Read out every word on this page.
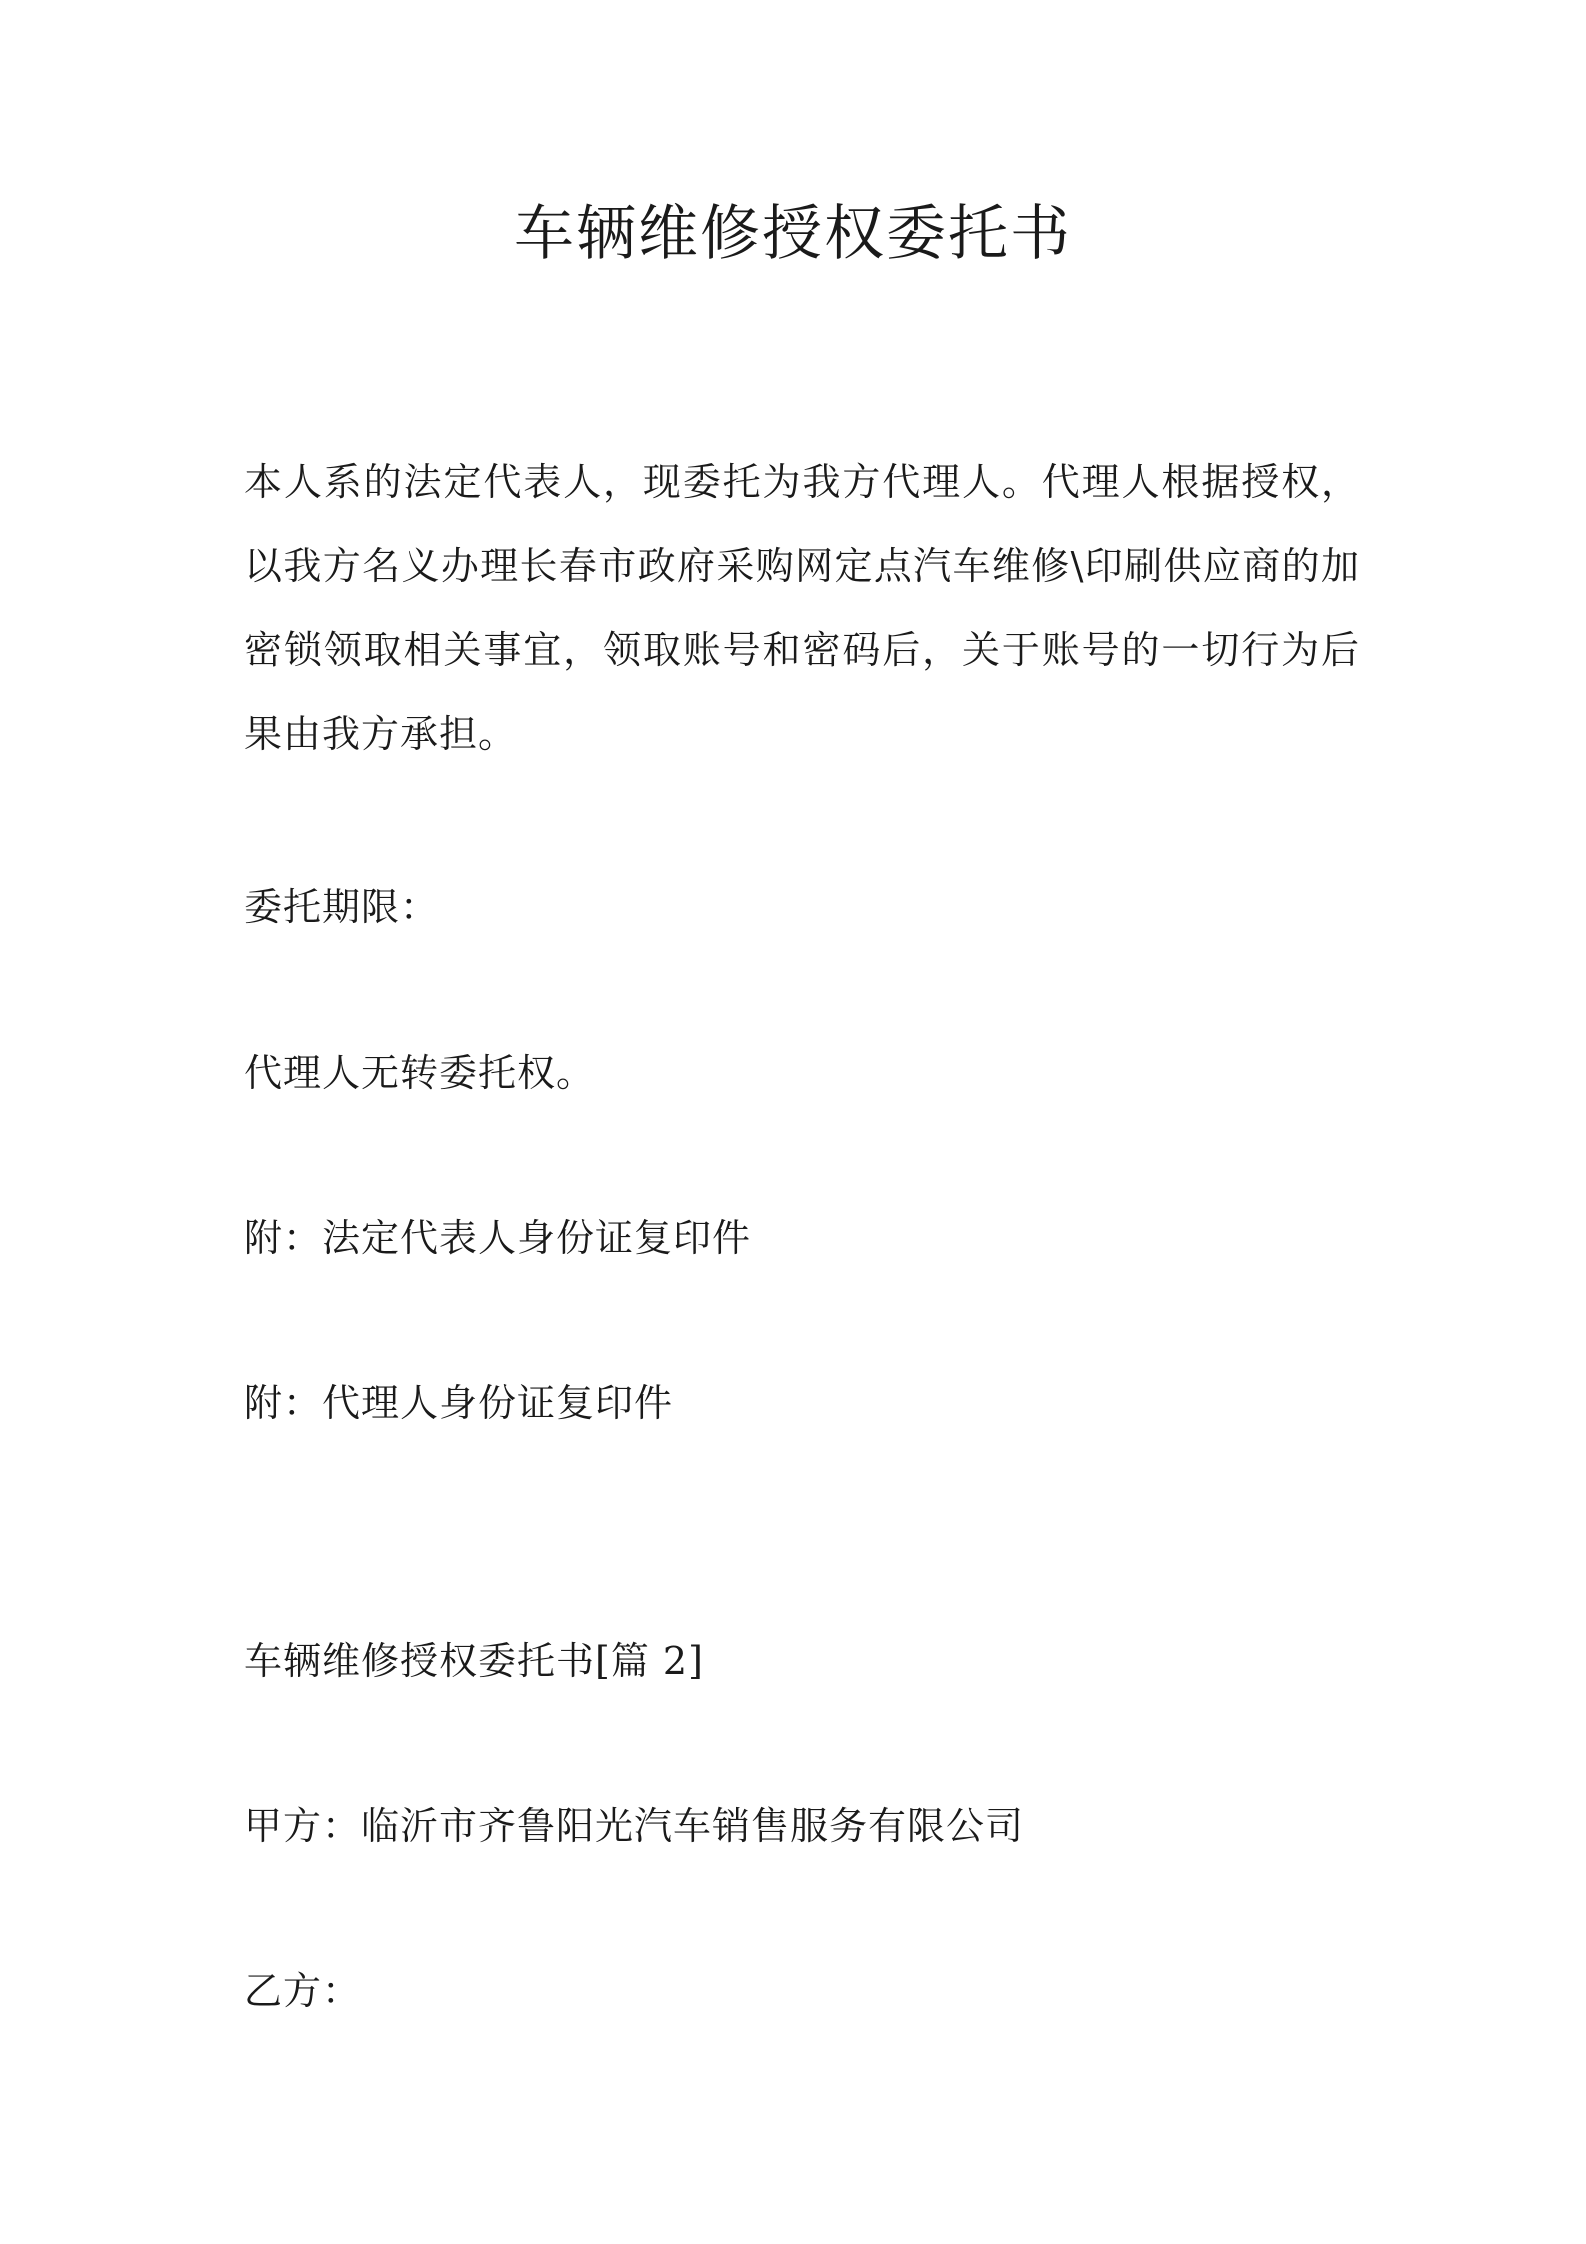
车辆维修授权委托书

本人系的法定代表人，现委托为我方代理人。代理人根据授权，以我方名义办理长春市政府采购网定点汽车维修\印刷供应商的加密锁领取相关事宜，领取账号和密码后，关于账号的一切行为后果由我方承担。

委托期限：

代理人无转委托权。

附：法定代表人身份证复印件

附：代理人身份证复印件

车辆维修授权委托书[篇 2]

甲方：临沂市齐鲁阳光汽车销售服务有限公司

乙方：
